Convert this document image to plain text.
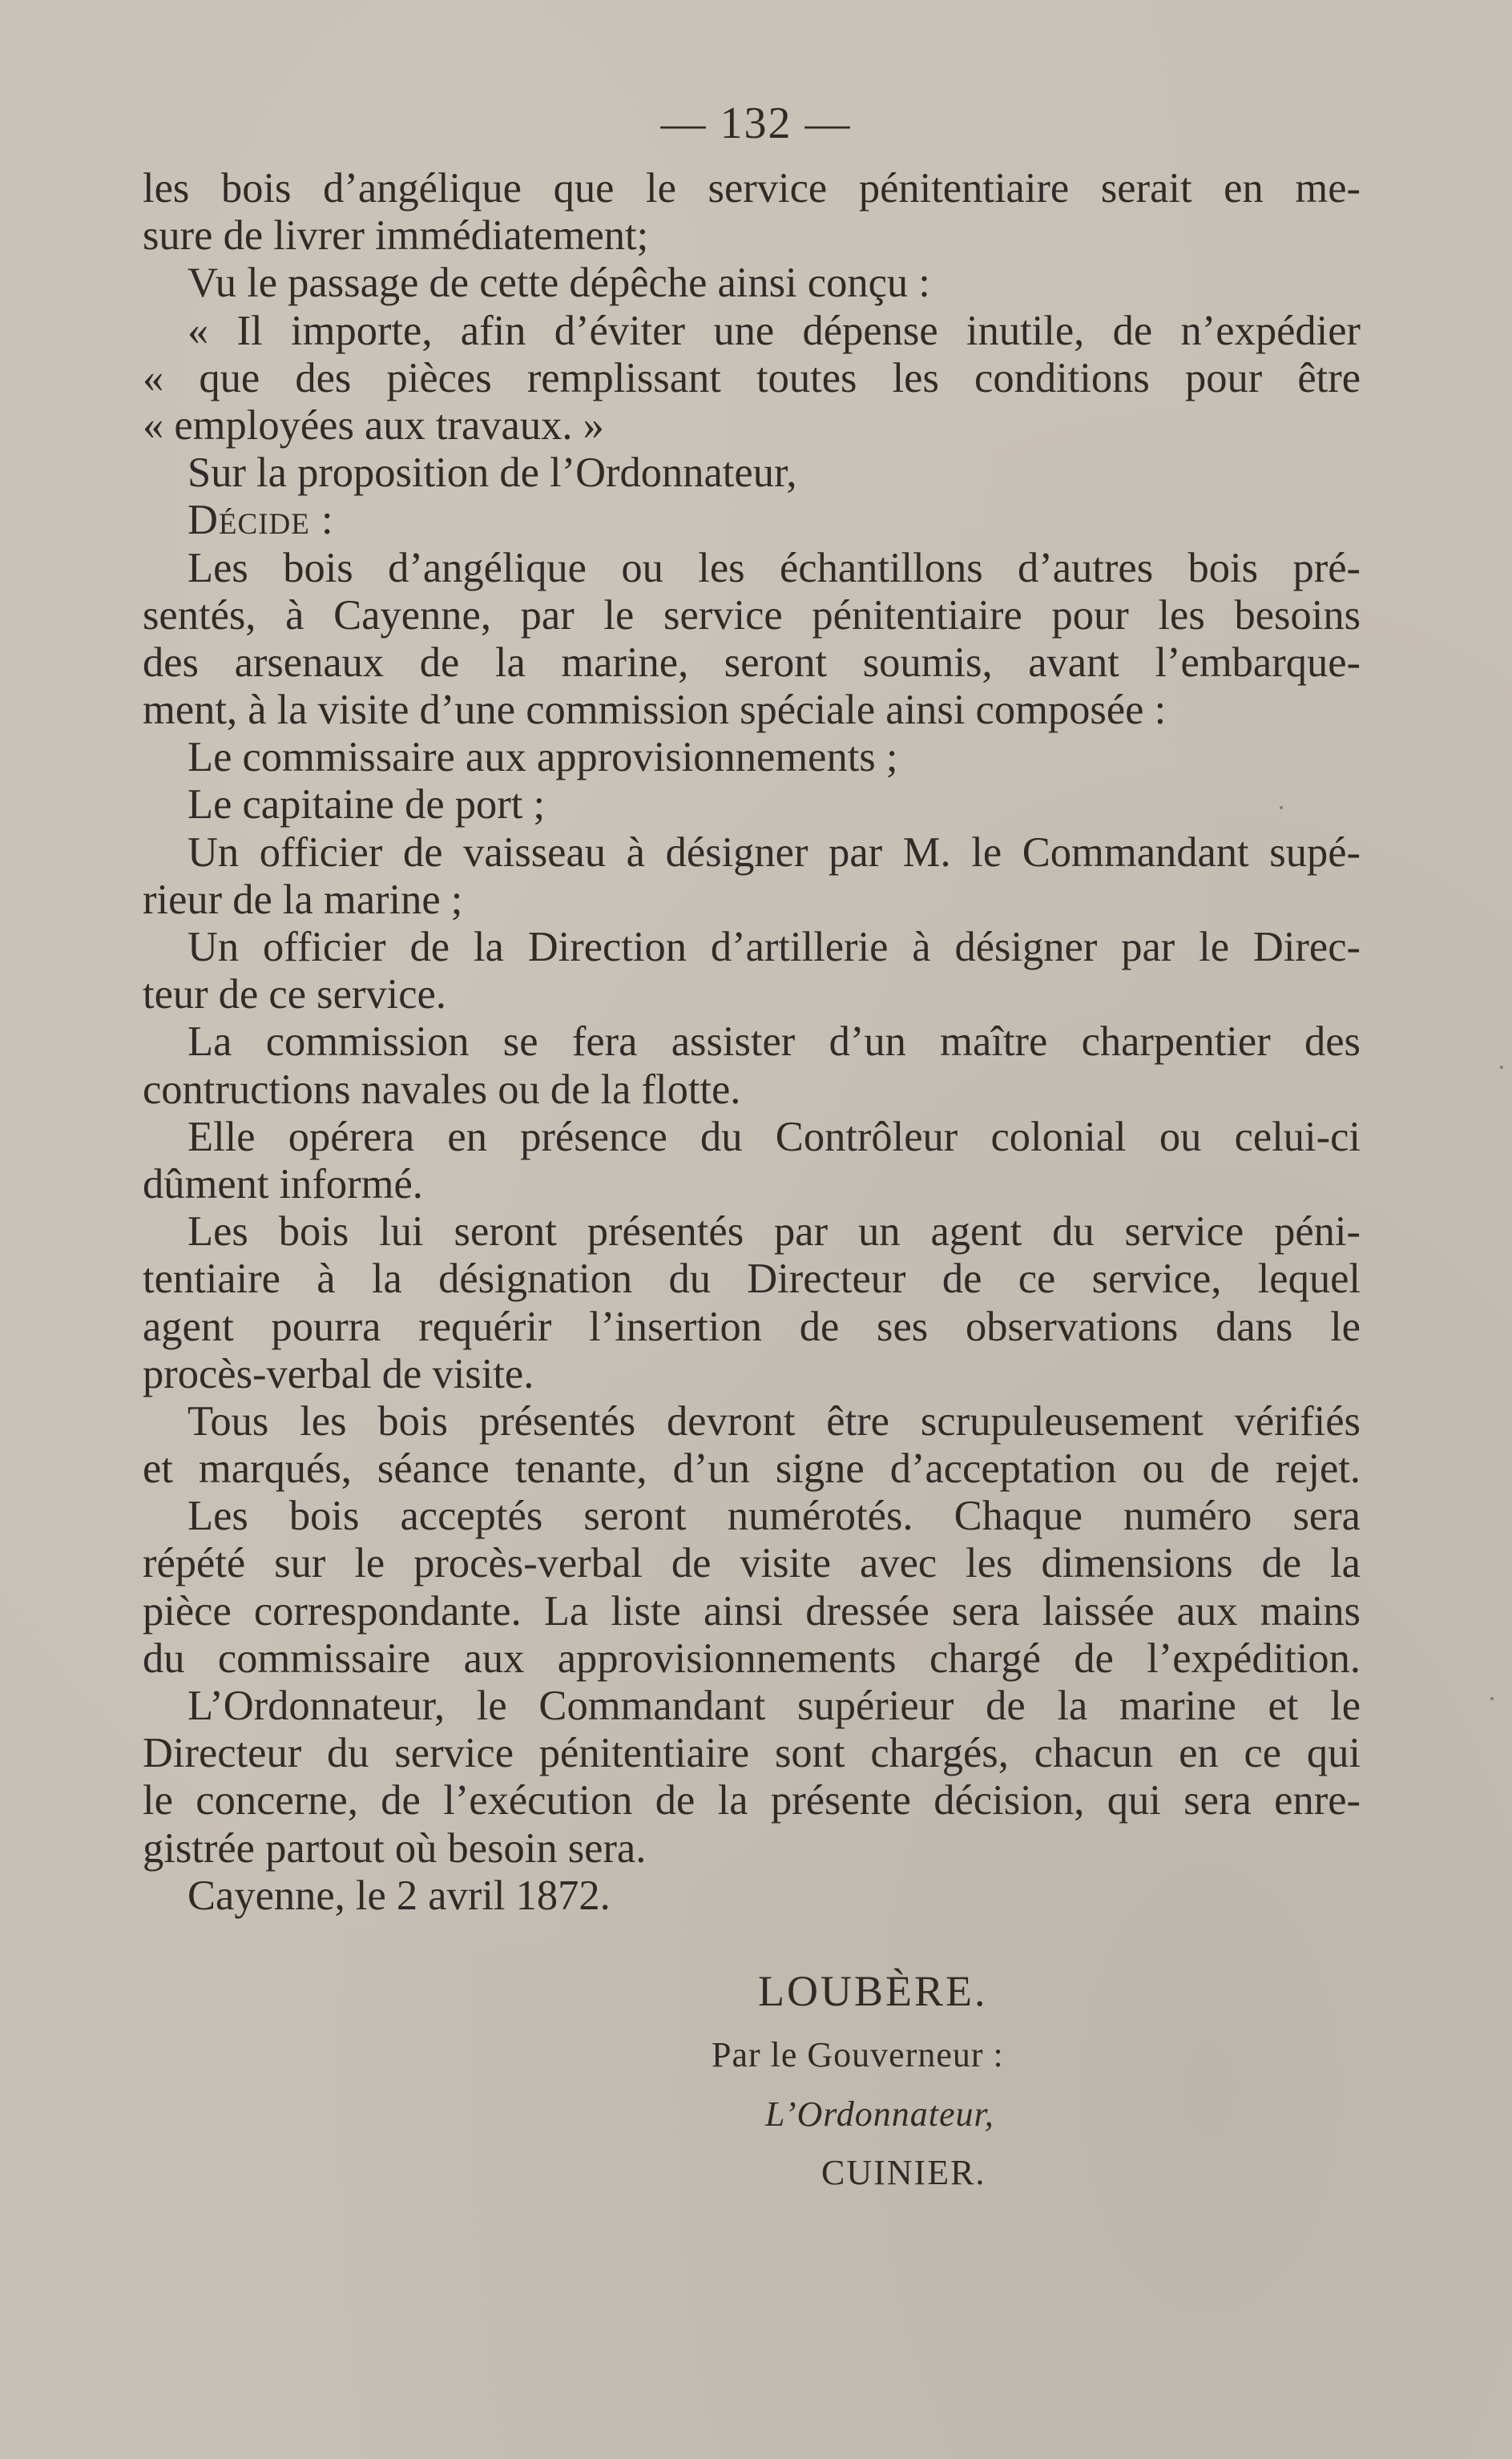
— 132 —
les bois d’angélique que le service pénitentiaire serait en me-
sure de livrer immédiatement;
Vu le passage de cette dépêche ainsi conçu :
« Il importe, afin d’éviter une dépense inutile, de n’expédier
« que des pièces remplissant toutes les conditions pour être
« employées aux travaux. »
Sur la proposition de l’Ordonnateur,
Décide :
Les bois d’angélique ou les échantillons d’autres bois pré-
sentés, à Cayenne, par le service pénitentiaire pour les besoins
des arsenaux de la marine, seront soumis, avant l’embarque-
ment, à la visite d’une commission spéciale ainsi composée :
Le commissaire aux approvisionnements ;
Le capitaine de port ;
Un officier de vaisseau à désigner par M. le Commandant supé-
rieur de la marine ;
Un officier de la Direction d’artillerie à désigner par le Direc-
teur de ce service.
La commission se fera assister d’un maître charpentier des
contructions navales ou de la flotte.
Elle opérera en présence du Contrôleur colonial ou celui-ci
dûment informé.
Les bois lui seront présentés par un agent du service péni-
tentiaire à la désignation du Directeur de ce service, lequel
agent pourra requérir l’insertion de ses observations dans le
procès-verbal de visite.
Tous les bois présentés devront être scrupuleusement vérifiés
et marqués, séance tenante, d’un signe d’acceptation ou de rejet.
Les bois acceptés seront numérotés. Chaque numéro sera
répété sur le procès-verbal de visite avec les dimensions de la
pièce correspondante. La liste ainsi dressée sera laissée aux mains
du commissaire aux approvisionnements chargé de l’expédition.
L’Ordonnateur, le Commandant supérieur de la marine et le
Directeur du service pénitentiaire sont chargés, chacun en ce qui
le concerne, de l’exécution de la présente décision, qui sera enre-
gistrée partout où besoin sera.
Cayenne, le 2 avril 1872.
LOUBÈRE.
Par le Gouverneur :
L’Ordonnateur,
CUINIER.
